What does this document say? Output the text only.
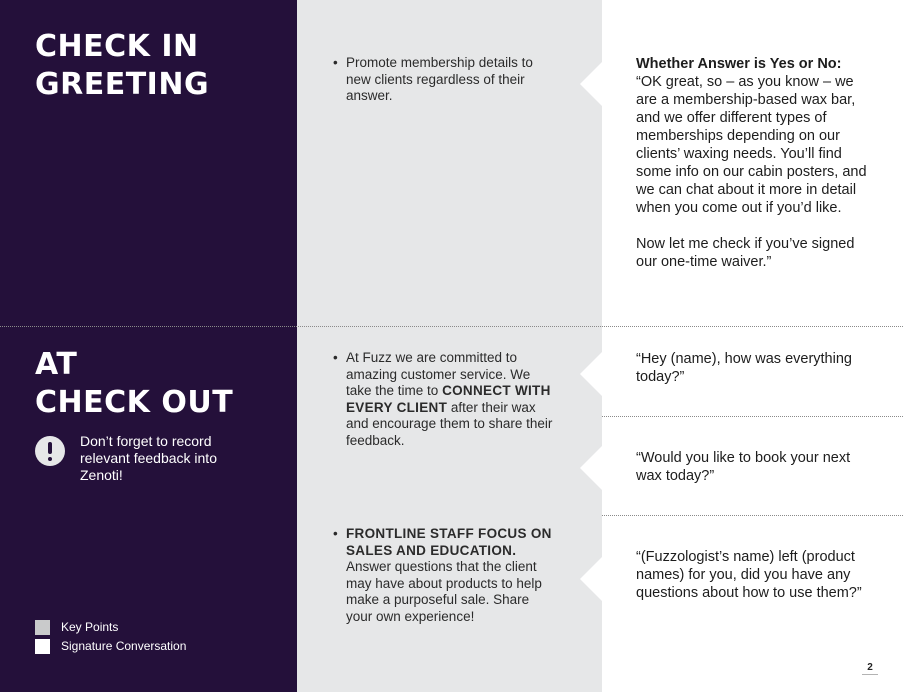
CHECK IN
GREETING
• Promote membership details to new clients regardless of their answer.
Whether Answer is Yes or No:
“OK great, so – as you know – we are a membership-based wax bar, and we offer different types of memberships depending on our clients’ waxing needs. You’ll find some info on our cabin posters, and we can chat about it more in detail when you come out if you’d like.

Now let me check if you’ve signed our one-time waiver.”
AT
CHECK OUT
Don’t forget to record relevant feedback into Zenoti!
• At Fuzz we are committed to amazing customer service. We take the time to CONNECT WITH EVERY CLIENT after their wax and encourage them to share their feedback.
• FRONTLINE STAFF FOCUS ON SALES AND EDUCATION. Answer questions that the client may have about products to help make a purposeful sale. Share your own experience!
“Hey (name), how was everything today?”
“Would you like to book your next wax today?”
“(Fuzzologist’s name) left (product names) for you, did you have any questions about how to use them?”
Key Points
Signature Conversation
2
